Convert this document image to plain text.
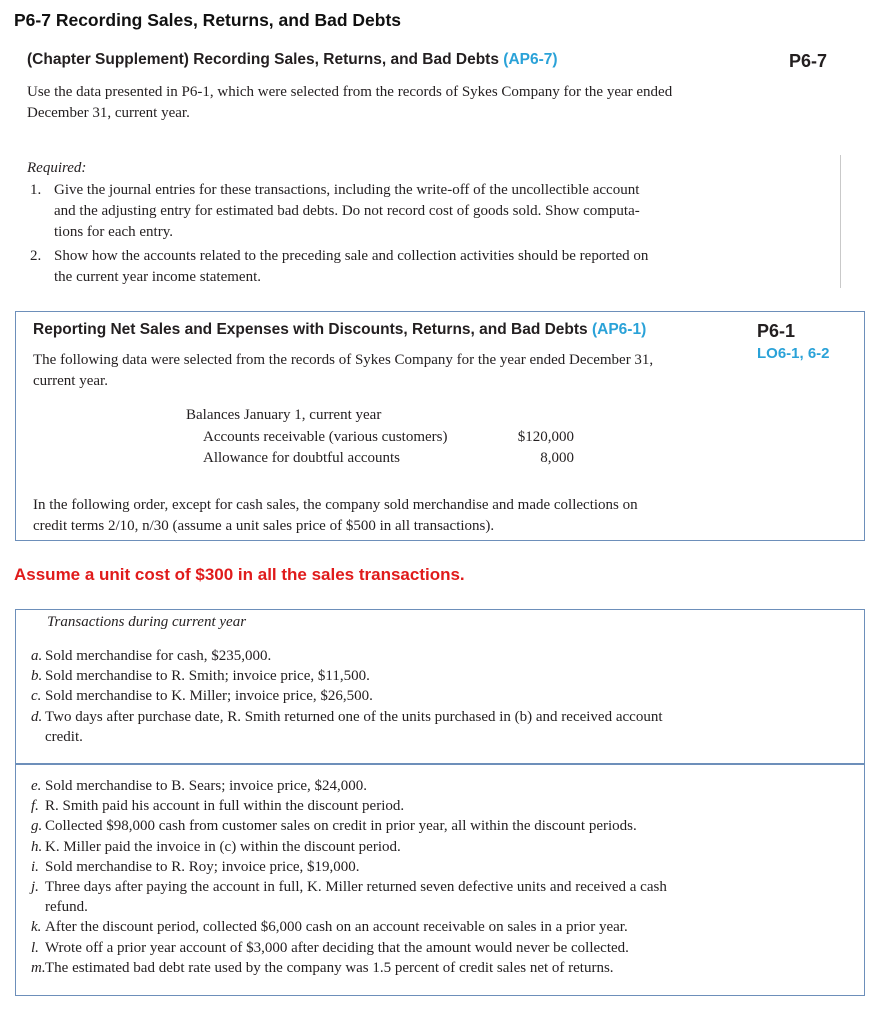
P6-7 Recording Sales, Returns, and Bad Debts
(Chapter Supplement) Recording Sales, Returns, and Bad Debts (AP6-7)	P6-7
Use the data presented in P6-1, which were selected from the records of Sykes Company for the year ended
December 31, current year.
Required:
1. Give the journal entries for these transactions, including the write-off of the uncollectible account
and the adjusting entry for estimated bad debts. Do not record cost of goods sold. Show computa-
tions for each entry.
2. Show how the accounts related to the preceding sale and collection activities should be reported on
the current year income statement.
Reporting Net Sales and Expenses with Discounts, Returns, and Bad Debts (AP6-1)	P6-1
LO6-1, 6-2
The following data were selected from the records of Sykes Company for the year ended December 31,
current year.
Balances January 1, current year
Accounts receivable (various customers)	$120,000
Allowance for doubtful accounts	8,000
In the following order, except for cash sales, the company sold merchandise and made collections on
credit terms 2/10, n/30 (assume a unit sales price of $500 in all transactions).
Assume a unit cost of $300 in all the sales transactions.
Transactions during current year
a. Sold merchandise for cash, $235,000.
b. Sold merchandise to R. Smith; invoice price, $11,500.
c. Sold merchandise to K. Miller; invoice price, $26,500.
d. Two days after purchase date, R. Smith returned one of the units purchased in (b) and received account
credit.
e. Sold merchandise to B. Sears; invoice price, $24,000.
f. R. Smith paid his account in full within the discount period.
g. Collected $98,000 cash from customer sales on credit in prior year, all within the discount periods.
h. K. Miller paid the invoice in (c) within the discount period.
i. Sold merchandise to R. Roy; invoice price, $19,000.
j. Three days after paying the account in full, K. Miller returned seven defective units and received a cash
refund.
k. After the discount period, collected $6,000 cash on an account receivable on sales in a prior year.
l. Wrote off a prior year account of $3,000 after deciding that the amount would never be collected.
m.The estimated bad debt rate used by the company was 1.5 percent of credit sales net of returns.
